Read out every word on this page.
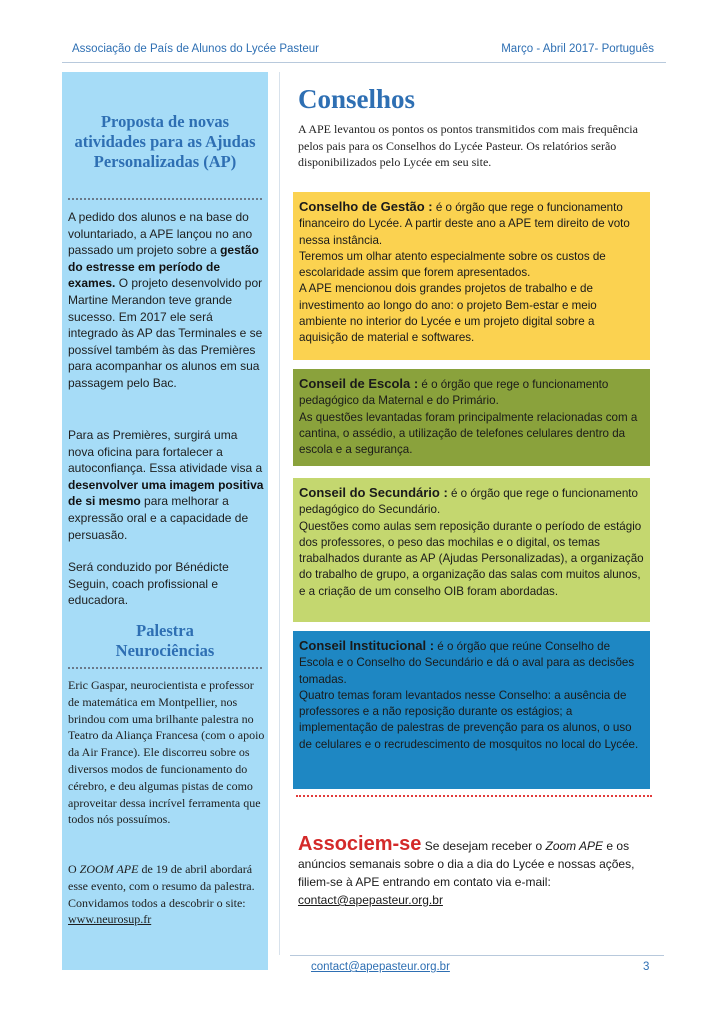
Associação de País de Alunos do Lycée Pasteur	Março - Abril 2017- Português
Proposta de novas atividades para as Ajudas Personalizadas (AP)
A pedido dos alunos e na base do voluntariado, a APE lançou no ano passado um projeto sobre a gestão do estresse em período de exames. O projeto desenvolvido por Martine Merandon teve grande sucesso. Em 2017 ele será integrado às AP das Terminales e se possível também às das Premières para acompanhar os alunos em sua passagem pelo Bac.
Para as Premières, surgirá uma nova oficina para fortalecer a autoconfiança. Essa atividade visa a desenvolver uma imagem positiva de si mesmo para melhorar a expressão oral e a capacidade de persuasão.
Será conduzido por Bénédicte Seguin, coach profissional e educadora.
Palestra Neurociências
Eric Gaspar, neurocientista e professor de matemática em Montpellier, nos brindou com uma brilhante palestra no Teatro da Aliança Francesa (com o apoio da Air France). Ele discorreu sobre os diversos modos de funcionamento do cérebro, e deu algumas pistas de como aproveitar dessa incrível ferramenta que todos nós possuímos.
O ZOOM APE de 19 de abril abordará esse evento, com o resumo da palestra. Convidamos todos a descobrir o site: www.neurosup.fr
Conselhos
A APE levantou os pontos os pontos transmitidos com mais frequência pelos pais para os Conselhos do Lycée Pasteur. Os relatórios serão disponibilizados pelo Lycée em seu site.
Conselho de Gestão : é o órgão que rege o funcionamento financeiro do Lycée. A partir deste ano a APE tem direito de voto nessa instância.
Teremos um olhar atento especialmente sobre os custos de escolaridade assim que forem apresentados.
A APE mencionou dois grandes projetos de trabalho e de investimento ao longo do ano: o projeto Bem-estar e meio ambiente no interior do Lycée e um projeto digital sobre a aquisição de material e softwares.
Conseil de Escola : é o órgão que rege o funcionamento pedagógico da Maternal e do Primário.
As questões levantadas foram principalmente relacionadas com a cantina, o assédio, a utilização de telefones celulares dentro da escola e a segurança.
Conseil do Secundário : é o órgão que rege o funcionamento pedagógico do Secundário.
Questões como aulas sem reposição durante o período de estágio dos professores, o peso das mochilas e o digital, os temas trabalhados durante as AP (Ajudas Personalizadas), a organização do trabalho de grupo, a organização das salas com muitos alunos, e a criação de um conselho OIB foram abordadas.
Conseil Institucional : é o órgão que reúne Conselho de Escola e o Conselho do Secundário e dá o aval para as decisões tomadas.
Quatro temas foram levantados nesse Conselho: a ausência de professores e a não reposição durante os estágios; a implementação de palestras de prevenção para os alunos, o uso de celulares e o recrudescimento de mosquitos no local do Lycée.
Associem-se Se desejam receber o Zoom APE e os anúncios semanais sobre o dia a dia do Lycée e nossas ações, filiem-se à APE entrando em contato via e-mail: contact@apepasteur.org.br
contact@apepasteur.org.br	3
